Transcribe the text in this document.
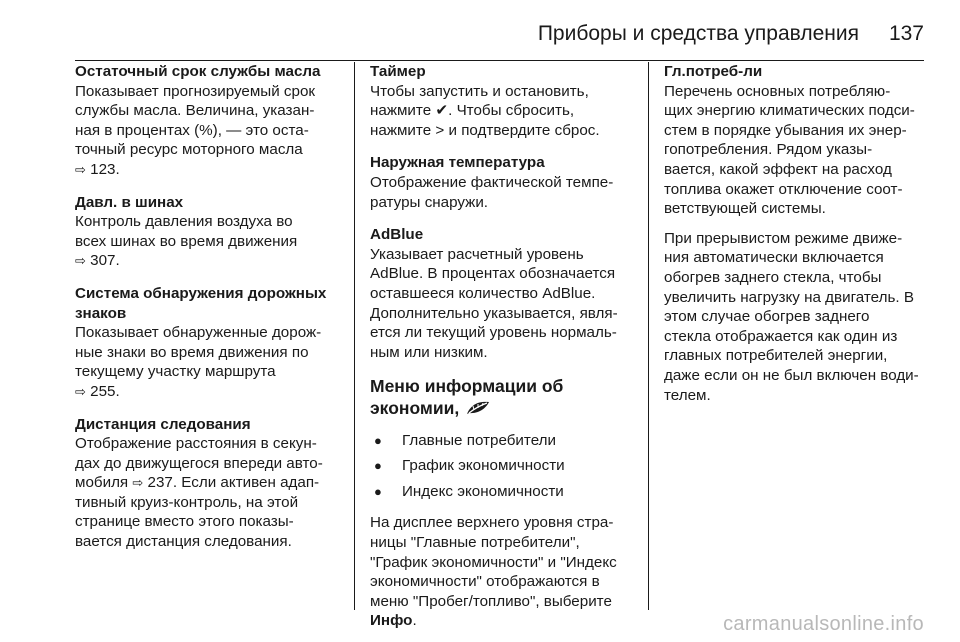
Приборы и средства управления 137
Остаточный срок службы масла
Показывает прогнозируемый срок
службы масла. Величина, указан-
ная в процентах (%), — это оста-
точный ресурс моторного масла
⇨ 123.
Давл. в шинах
Контроль давления воздуха во
всех шинах во время движения
⇨ 307.
Система обнаружения дорожных
знаков
Показывает обнаруженные дорож-
ные знаки во время движения по
текущему участку маршрута
⇨ 255.
Дистанция следования
Отображение расстояния в секун-
дах до движущегося впереди авто-
мобиля ⇨ 237. Если активен адап-
тивный круиз-контроль, на этой
странице вместо этого показы-
вается дистанция следования.
Таймер
Чтобы запустить и остановить,
нажмите ✔. Чтобы сбросить,
нажмите > и подтвердите сброс.
Наружная температура
Отображение фактической темпе-
ратуры снаружи.
AdBlue
Указывает расчетный уровень
AdBlue. В процентах обозначается
оставшееся количество AdBlue.
Дополнительно указывается, явля-
ется ли текущий уровень нормаль-
ным или низким.
Меню информации об
экономии,
● Главные потребители
● График экономичности
● Индекс экономичности
На дисплее верхнего уровня стра-
ницы "Главные потребители",
"График экономичности" и "Индекс
экономичности" отображаются в
меню "Пробег/топливо", выберите
Инфо.
Гл.потреб-ли
Перечень основных потребляю-
щих энергию климатических подси-
стем в порядке убывания их энер-
гопотребления. Рядом указы-
вается, какой эффект на расход
топлива окажет отключение соот-
ветствующей системы.
При прерывистом режиме движе-
ния автоматически включается
обогрев заднего стекла, чтобы
увеличить нагрузку на двигатель. В
этом случае обогрев заднего
стекла отображается как один из
главных потребителей энергии,
даже если он не был включен води-
телем.
carmanualsonline.info
